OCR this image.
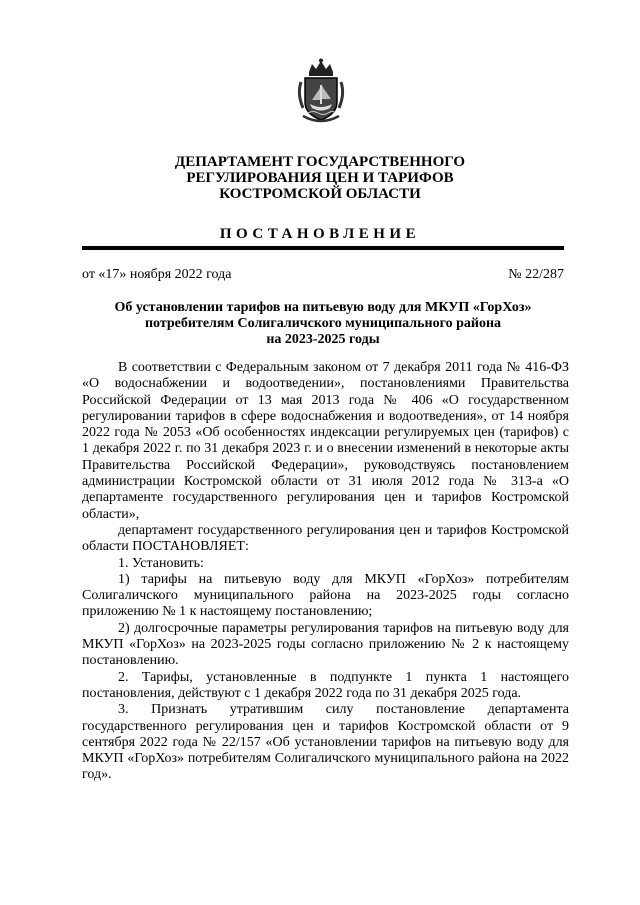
ДЕПАРТАМЕНТ ГОСУДАРСТВЕННОГО
РЕГУЛИРОВАНИЯ ЦЕН И ТАРИФОВ
КОСТРОМСКОЙ ОБЛАСТИ
ПОСТАНОВЛЕНИЕ
от «17» ноября 2022 года	№ 22/287
Об установлении тарифов на питьевую воду для МКУП «ГорХоз»
потребителям Солигаличского муниципального района
на 2023-2025 годы

В соответствии с Федеральным законом от 7 декабря 2011 года № 416-ФЗ «О водоснабжении и водоотведении», постановлениями Правительства Российской Федерации от 13 мая 2013 года № 406 «О государственном регулировании тарифов в сфере водоснабжения и водоотведения», от 14 ноября 2022 года № 2053 «Об особенностях индексации регулируемых цен (тарифов) с 1 декабря 2022 г. по 31 декабря 2023 г. и о внесении изменений в некоторые акты Правительства Российской Федерации», руководствуясь постановлением администрации Костромской области от 31 июля 2012 года № 313-а «О департаменте государственного регулирования цен и тарифов Костромской области»,

департамент государственного регулирования цен и тарифов Костромской области ПОСТАНОВЛЯЕТ:

1. Установить:

1) тарифы на питьевую воду для МКУП «ГорХоз» потребителям Солигаличского муниципального района на 2023-2025 годы согласно приложению № 1 к настоящему постановлению;

2) долгосрочные параметры регулирования тарифов на питьевую воду для МКУП «ГорХоз» на 2023-2025 годы согласно приложению № 2 к настоящему постановлению.

2. Тарифы, установленные в подпункте 1 пункта 1 настоящего постановления, действуют с 1 декабря 2022 года по 31 декабря 2025 года.

3. Признать утратившим силу постановление департамента государственного регулирования цен и тарифов Костромской области от 9 сентября 2022 года № 22/157 «Об установлении тарифов на питьевую воду для МКУП «ГорХоз» потребителям Солигаличского муниципального района на 2022 год».
